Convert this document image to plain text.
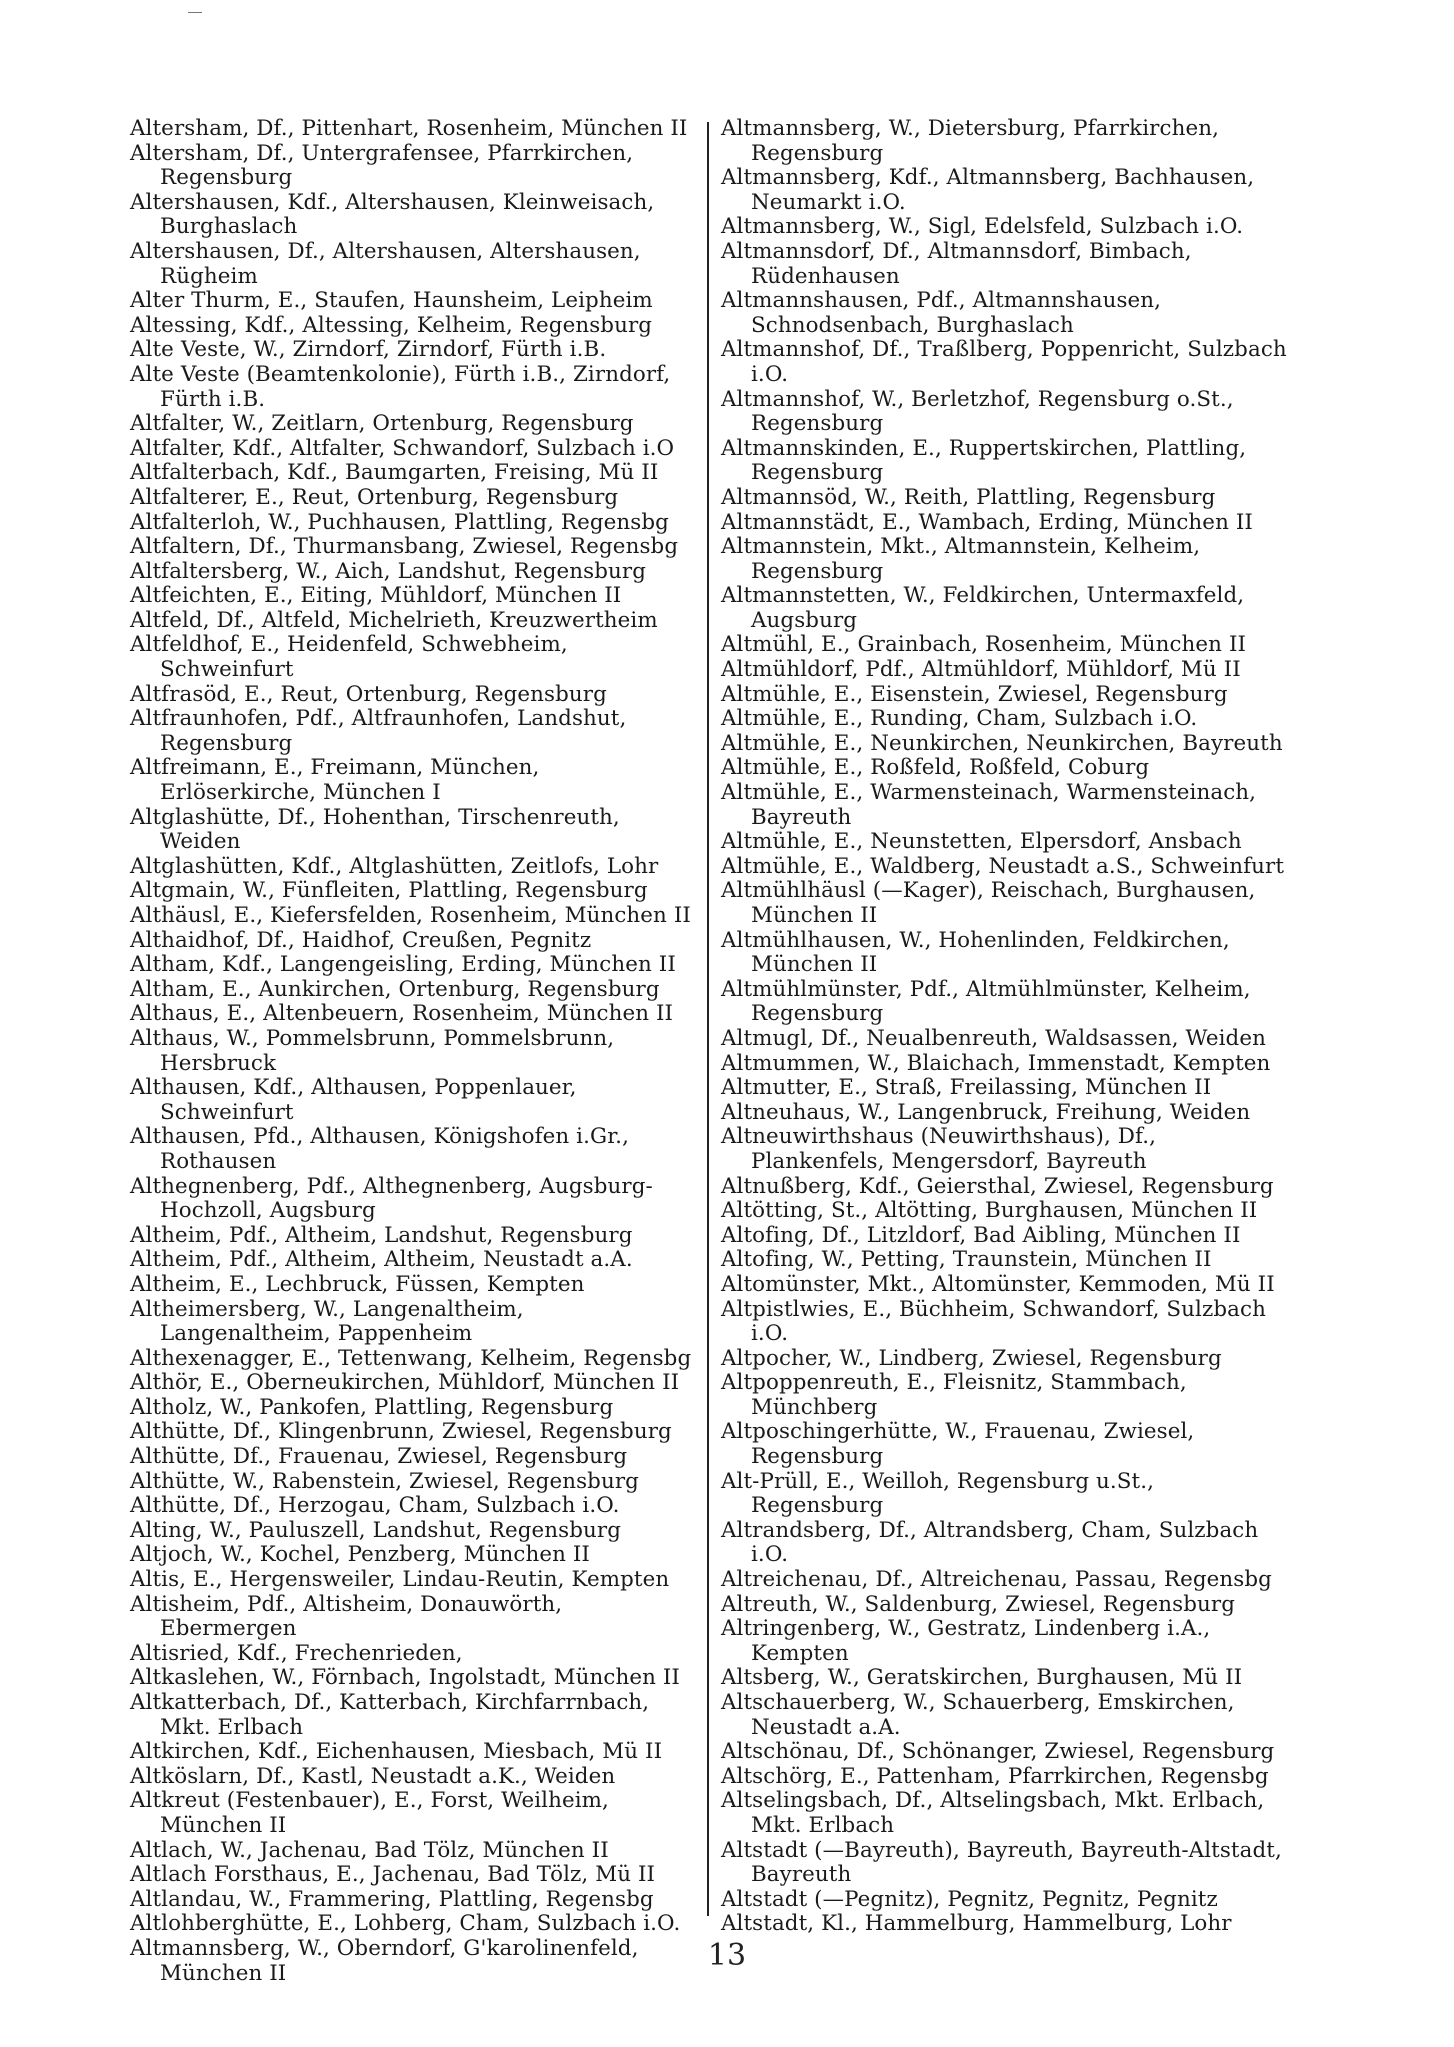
Altersham, Df., Pittenhart, Rosenheim, München II
Altersham, Df., Untergrafensee, Pfarrkirchen, Regensburg
Altershausen, Kdf., Altershausen, Kleinweisach, Burghaslach
Altershausen, Df., Altershausen, Altershausen, Rügheim
Alter Thurm, E., Staufen, Haunsheim, Leipheim
Altessing, Kdf., Altessing, Kelheim, Regensburg
Alte Veste, W., Zirndorf, Zirndorf, Fürth i.B.
Alte Veste (Beamtenkolonie), Fürth i.B., Zirndorf, Fürth i.B.
Altfalter, W., Zeitlarn, Ortenburg, Regensburg
Altfalter, Kdf., Altfalter, Schwandorf, Sulzbach i.O
Altfalterbach, Kdf., Baumgarten, Freising, Mü II
Altfalterer, E., Reut, Ortenburg, Regensburg
Altfalterloh, W., Puchhausen, Plattling, Regensbg
Altfaltern, Df., Thurmansbang, Zwiesel, Regensbg
Altfaltersberg, W., Aich, Landshut, Regensburg
Altfeichten, E., Eiting, Mühldorf, München II
Altfeld, Df., Altfeld, Michelrieth, Kreuzwertheim
Altfeldhof, E., Heidenfeld, Schwebheim, Schweinfurt
Altfrasöd, E., Reut, Ortenburg, Regensburg
Altfraunhofen, Pdf., Altfraunhofen, Landshut, Regensburg
Altfreimann, E., Freimann, München, Erlöserkirche, München I
Altglashütte, Df., Hohenthan, Tirschenreuth, Weiden
Altglashütten, Kdf., Altglashütten, Zeitlofs, Lohr
Altgmain, W., Fünfleiten, Plattling, Regensburg
Althäusl, E., Kiefersfelden, Rosenheim, München II
Althaidhof, Df., Haidhof, Creußen, Pegnitz
Altham, Kdf., Langengeisling, Erding, München II
Altham, E., Aunkirchen, Ortenburg, Regensburg
Althaus, E., Altenbeuern, Rosenheim, München II
Althaus, W., Pommelsbrunn, Pommelsbrunn, Hersbruck
Althausen, Kdf., Althausen, Poppenlauer, Schweinfurt
Althausen, Pfd., Althausen, Königshofen i.Gr., Rothausen
Althegnenberg, Pdf., Althegnenberg, Augsburg-Hochzoll, Augsburg
Altheim, Pdf., Altheim, Landshut, Regensburg
Altheim, Pdf., Altheim, Altheim, Neustadt a.A.
Altheim, E., Lechbruck, Füssen, Kempten
Altheimersberg, W., Langenaltheim, Langenaltheim, Pappenheim
Althexenagger, E., Tettenwang, Kelheim, Regensbg
Althör, E., Oberneukirchen, Mühldorf, München II
Altholz, W., Pankofen, Plattling, Regensburg
Althütte, Df., Klingenbrunn, Zwiesel, Regensburg
Althütte, Df., Frauenau, Zwiesel, Regensburg
Althütte, W., Rabenstein, Zwiesel, Regensburg
Althütte, Df., Herzogau, Cham, Sulzbach i.O.
Alting, W., Pauluszell, Landshut, Regensburg
Altjoch, W., Kochel, Penzberg, München II
Altis, E., Hergensweiler, Lindau-Reutin, Kempten
Altisheim, Pdf., Altisheim, Donauwörth, Ebermergen
Altisried, Kdf., Frechenrieden,
Altkaslehen, W., Förnbach, Ingolstadt, München II
Altkatterbach, Df., Katterbach, Kirchfarrnbach, Mkt. Erlbach
Altkirchen, Kdf., Eichenhausen, Miesbach, Mü II
Altköslarn, Df., Kastl, Neustadt a.K., Weiden
Altkreut (Festenbauer), E., Forst, Weilheim, München II
Altlach, W., Jachenau, Bad Tölz, München II
Altlach Forsthaus, E., Jachenau, Bad Tölz, Mü II
Altlandau, W., Frammering, Plattling, Regensbg
Altlohberghütte, E., Lohberg, Cham, Sulzbach i.O.
Altmannsberg, W., Oberndorf, G'karolinenfeld, München II
Altmannsberg, W., Dietersburg, Pfarrkirchen, Regensburg
Altmannsberg, Kdf., Altmannsberg, Bachhausen, Neumarkt i.O.
Altmannsberg, W., Sigl, Edelsfeld, Sulzbach i.O.
Altmannsdorf, Df., Altmannsdorf, Bimbach, Rüdenhausen
Altmannshausen, Pdf., Altmannshausen, Schnodsenbach, Burghaslach
Altmannshof, Df., Traßlberg, Poppenricht, Sulzbach i.O.
Altmannshof, W., Berletzhof, Regensburg o.St., Regensburg
Altmannskinden, E., Ruppertskirchen, Plattling, Regensburg
Altmannsöd, W., Reith, Plattling, Regensburg
Altmannstädt, E., Wambach, Erding, München II
Altmannstein, Mkt., Altmannstein, Kelheim, Regensburg
Altmannstetten, W., Feldkirchen, Untermaxfeld, Augsburg
Altmühl, E., Grainbach, Rosenheim, München II
Altmühldorf, Pdf., Altmühldorf, Mühldorf, Mü II
Altmühle, E., Eisenstein, Zwiesel, Regensburg
Altmühle, E., Runding, Cham, Sulzbach i.O.
Altmühle, E., Neunkirchen, Neunkirchen, Bayreuth
Altmühle, E., Roßfeld, Roßfeld, Coburg
Altmühle, E., Warmensteinach, Warmensteinach, Bayreuth
Altmühle, E., Neunstetten, Elpersdorf, Ansbach
Altmühle, E., Waldberg, Neustadt a.S., Schweinfurt
Altmühlhäusl (—Kager), Reischach, Burghausen, München II
Altmühlhausen, W., Hohenlinden, Feldkirchen, München II
Altmühlmünster, Pdf., Altmühlmünster, Kelheim, Regensburg
Altmugl, Df., Neualbenreuth, Waldsassen, Weiden
Altmummen, W., Blaichach, Immenstadt, Kempten
Altmutter, E., Straß, Freilassing, München II
Altneuhaus, W., Langenbruck, Freihung, Weiden
Altneuwirthshaus (Neuwirthshaus), Df., Plankenfels, Mengersdorf, Bayreuth
Altnußberg, Kdf., Geiersthal, Zwiesel, Regensburg
Altötting, St., Altötting, Burghausen, München II
Altofing, Df., Litzldorf, Bad Aibling, München II
Altofing, W., Petting, Traunstein, München II
Altomünster, Mkt., Altomünster, Kemmoden, Mü II
Altpistlwies, E., Büchheim, Schwandorf, Sulzbach i.O.
Altpocher, W., Lindberg, Zwiesel, Regensburg
Altpoppenreuth, E., Fleisnitz, Stammbach, Münchberg
Altposchingerhütte, W., Frauenau, Zwiesel, Regensburg
Alt-Prüll, E., Weilloh, Regensburg u.St., Regensburg
Altrandsberg, Df., Altrandsberg, Cham, Sulzbach i.O.
Altreichenau, Df., Altreichenau, Passau, Regensbg
Altreuth, W., Saldenburg, Zwiesel, Regensburg
Altringenberg, W., Gestratz, Lindenberg i.A., Kempten
Altsberg, W., Geratskirchen, Burghausen, Mü II
Altschauerberg, W., Schauerberg, Emskirchen, Neustadt a.A.
Altschönau, Df., Schönanger, Zwiesel, Regensburg
Altschörg, E., Pattenham, Pfarrkirchen, Regensbg
Altselingsbach, Df., Altselingsbach, Mkt. Erlbach, Mkt. Erlbach
Altstadt (—Bayreuth), Bayreuth, Bayreuth-Altstadt, Bayreuth
Altstadt (—Pegnitz), Pegnitz, Pegnitz, Pegnitz
Altstadt, Kl., Hammelburg, Hammelburg, Lohr
13
